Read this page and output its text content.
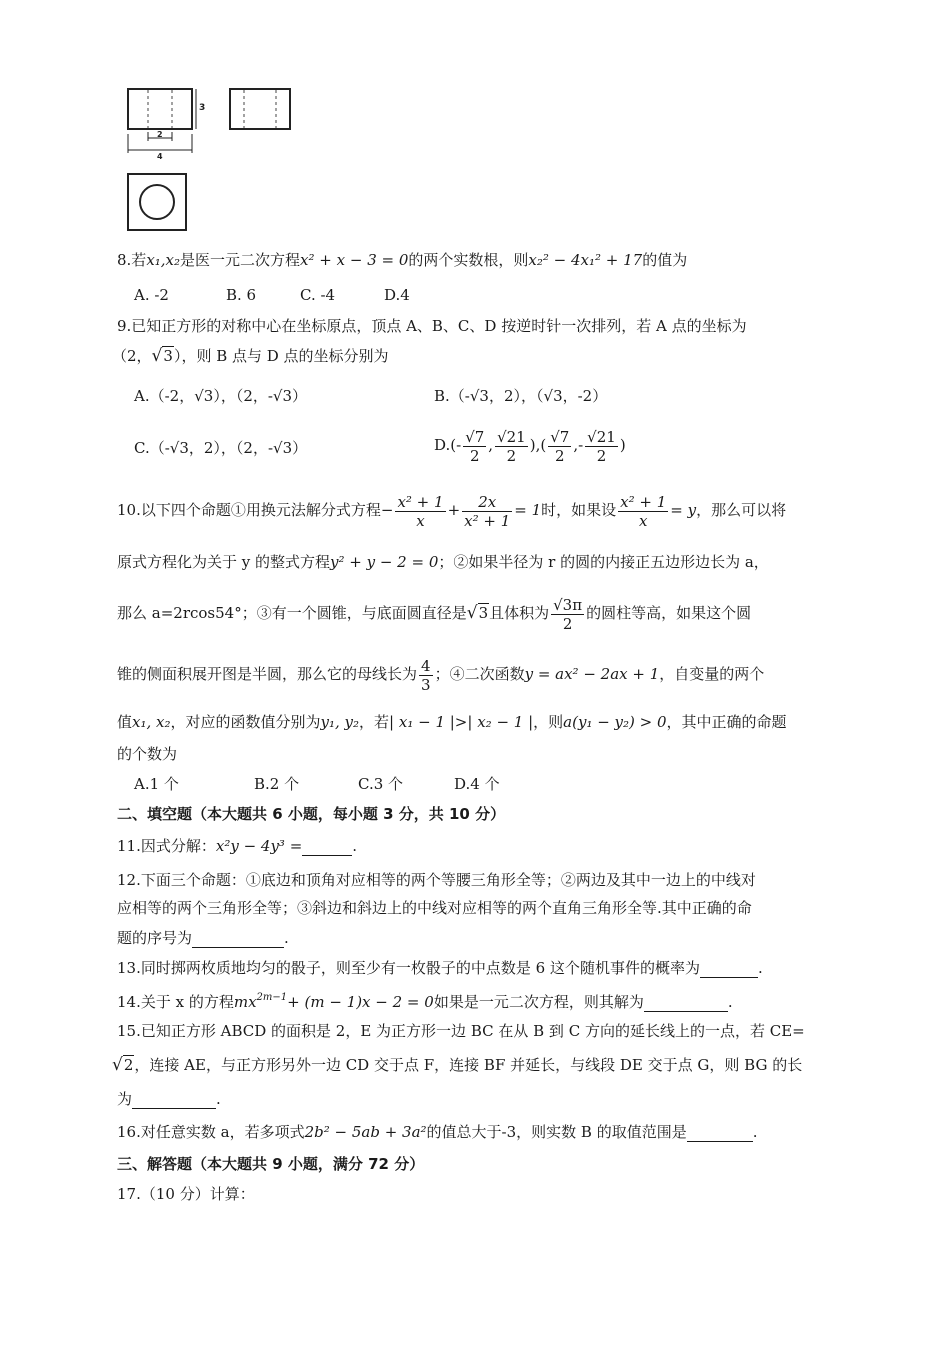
3
2
4
8.若x₁,x₂是医一元二次方程x² + x − 3 = 0的两个实数根，则x₂² − 4x₁² + 17的值为
A. -2	B. 6	C. -4	D.4
9.已知正方形的对称中心在坐标原点，顶点 A、B、C、D 按逆时针一次排列，若 A 点的坐标为
（2，√3），则 B 点与 D 点的坐标分别为
A.（-2，√3），（2，-√3）	B.（-√3，2），（√3，-2）
C.（-√3，2），（2，-√3）	$D.(- \frac{√7}{2}$ , $\frac{√21}{2}$ ),( $\frac{√7}{2}$ ,- $\frac{√21}{2}$ )
10.以下四个命题①用换元法解分式方程− $\frac{\text{x² + 1}}{x} + \frac{2x}{\text{x² + 1}} = 1$时，如果设 $\frac{\text{x² + 1}}{x} = y$，那么可以将
原式方程化为关于 y 的整式方程y² + y − 2 = 0；②如果半径为 r 的圆的内接正五边形边长为 a，
那么 a=2rcos54°；③有一个圆锥，与底面圆直径是√3且体积为 $\frac{√3\pi}{2}$ 的圆柱等高，如果这个圆
锥的侧面积展开图是半圆，那么它的母线长为 $\frac{4}{3}$ ；④二次函数y = ax² − 2ax + 1，自变量的两个
值x₁, x₂，对应的函数值分别为y₁, y₂，若| x₁ − 1 |>| x₂ − 1 |，则a(y₁ − y₂) > 0，其中正确的命题
的个数为
A.1 个	B.2 个	C.3 个	D.4 个
二、填空题（本大题共 6 小题，每小题 3 分，共 10 分）
11.因式分解：x²y − 4y³ =	.
12.下面三个命题：①底边和顶角对应相等的两个等腰三角形全等；②两边及其中一边上的中线对
应相等的两个三角形全等；③斜边和斜边上的中线对应相等的两个直角三角形全等.其中正确的命
题的序号为	.
13.同时掷两枚质地均匀的骰子，则至少有一枚骰子的中点数是 6 这个随机事件的概率为	.
14.关于 x 的方程$mx^{2m-1}+ (m - 1)x - 2 = 0$如果是一元二次方程，则其解为	.
15.已知正方形 ABCD 的面积是 2，E 为正方形一边 BC 在从 B 到 C 方向的延长线上的一点，若 CE=
√2，连接 AE，与正方形另外一边 CD 交于点 F，连接 BF 并延长，与线段 DE 交于点 G，则 BG 的长
为	.
16.对任意实数 a，若多项式2b² − 5ab + 3a²的值总大于-3，则实数 B 的取值范围是	.
三、解答题（本大题共 9 小题，满分 72 分）
17.（10 分）计算：
